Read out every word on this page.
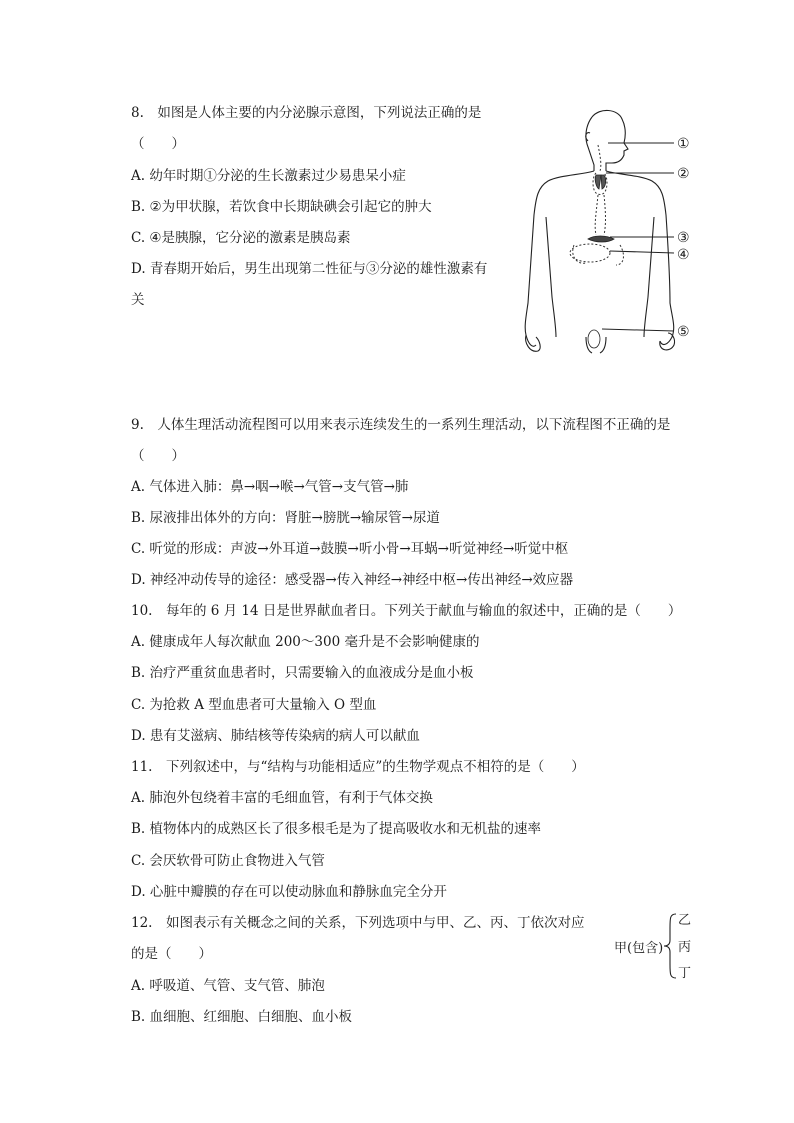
8.　如图是人体主要的内分泌腺示意图，下列说法正确的是
（　　）
A. 幼年时期①分泌的生长激素过少易患呆小症
B. ②为甲状腺，若饮食中长期缺碘会引起它的肿大
C. ④是胰腺，它分泌的激素是胰岛素
D. 青春期开始后，男生出现第二性征与③分泌的雄性激素有
关
①
②
③
④
⑤
9.　人体生理活动流程图可以用来表示连续发生的一系列生理活动，以下流程图不正确的是
（　　）
A. 气体进入肺：鼻→咽→喉→气管→支气管→肺
B. 尿液排出体外的方向：肾脏→膀胱→输尿管→尿道
C. 听觉的形成：声波→外耳道→鼓膜→听小骨→耳蜗→听觉神经→听觉中枢
D. 神经冲动传导的途径：感受器→传入神经→神经中枢→传出神经→效应器
10.　每年的 6 月 14 日是世界献血者日。下列关于献血与输血的叙述中，正确的是（　　）
A. 健康成年人每次献血 200～300 毫升是不会影响健康的
B. 治疗严重贫血患者时，只需要输入的血液成分是血小板
C. 为抢救 A 型血患者可大量输入 O 型血
D. 患有艾滋病、肺结核等传染病的病人可以献血
11.　下列叙述中，与“结构与功能相适应”的生物学观点不相符的是（　　）
A. 肺泡外包绕着丰富的毛细血管，有利于气体交换
B. 植物体内的成熟区长了很多根毛是为了提高吸收水和无机盐的速率
C. 会厌软骨可防止食物进入气管
D. 心脏中瓣膜的存在可以使动脉血和静脉血完全分开
12.　如图表示有关概念之间的关系，下列选项中与甲、乙、丙、丁依次对应
的是（　　）
A. 呼吸道、气管、支气管、肺泡
B. 血细胞、红细胞、白细胞、血小板
甲(包含)
乙
丙
丁
